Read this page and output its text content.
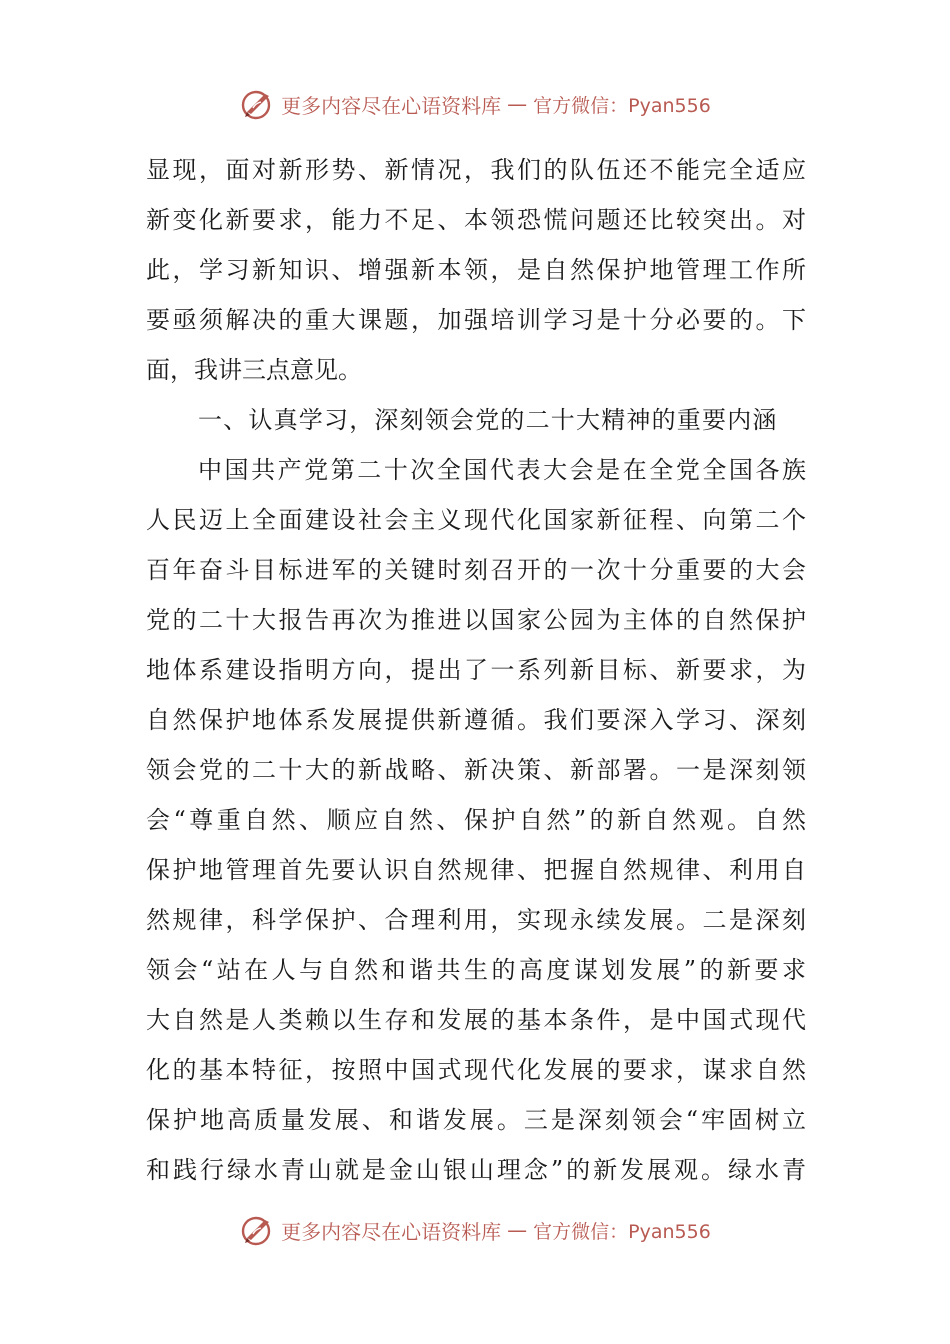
更多内容尽在心语资料库 — 官方微信：Pyan556
显现，面对新形势、新情况，我们的队伍还不能完全适应
新变化新要求，能力不足、本领恐慌问题还比较突出。对
此，学习新知识、增强新本领，是自然保护地管理工作所
要亟须解决的重大课题，加强培训学习是十分必要的。下
面，我讲三点意见。
一、认真学习，深刻领会党的二十大精神的重要内涵
中国共产党第二十次全国代表大会是在全党全国各族
人民迈上全面建设社会主义现代化国家新征程、向第二个
百年奋斗目标进军的关键时刻召开的一次十分重要的大会
党的二十大报告再次为推进以国家公园为主体的自然保护
地体系建设指明方向，提出了一系列新目标、新要求，为
自然保护地体系发展提供新遵循。我们要深入学习、深刻
领会党的二十大的新战略、新决策、新部署。一是深刻领
会“尊重自然、顺应自然、保护自然”的新自然观。自然
保护地管理首先要认识自然规律、把握自然规律、利用自
然规律，科学保护、合理利用，实现永续发展。二是深刻
领会“站在人与自然和谐共生的高度谋划发展”的新要求
大自然是人类赖以生存和发展的基本条件，是中国式现代
化的基本特征，按照中国式现代化发展的要求，谋求自然
保护地高质量发展、和谐发展。三是深刻领会“牢固树立
和践行绿水青山就是金山银山理念”的新发展观。绿水青
更多内容尽在心语资料库 — 官方微信：Pyan556
